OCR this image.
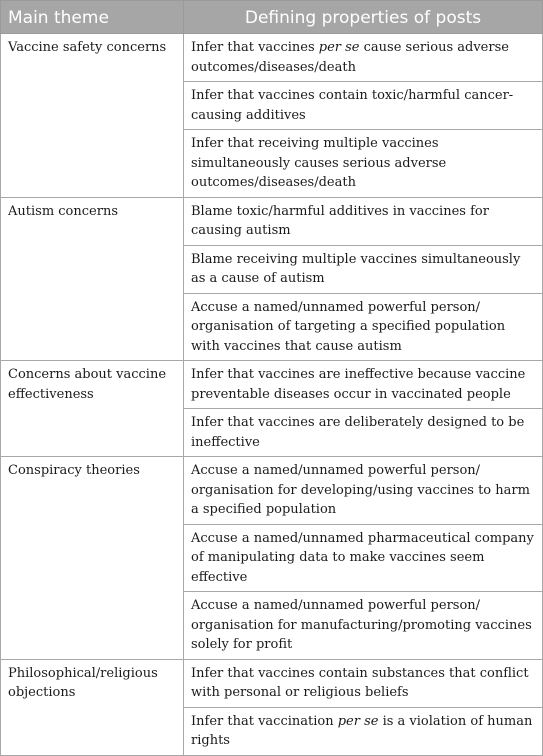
Main theme	Defining properties of posts
Vaccine safety concerns	Infer that vaccines per se cause serious adverse outcomes/diseases/death
	Infer that vaccines contain toxic/harmful cancer-causing additives
	Infer that receiving multiple vaccines simultaneously causes serious adverse outcomes/diseases/death
Autism concerns	Blame toxic/harmful additives in vaccines for causing autism
	Blame receiving multiple vaccines simultaneously as a cause of autism
	Accuse a named/unnamed powerful person/ organisation of targeting a specified population with vaccines that cause autism
Concerns about vaccine effectiveness	Infer that vaccines are ineffective because vaccine preventable diseases occur in vaccinated people
	Infer that vaccines are deliberately designed to be ineffective
Conspiracy theories	Accuse a named/unnamed powerful person/ organisation for developing/using vaccines to harm a specified population
	Accuse a named/unnamed pharmaceutical company of manipulating data to make vaccines seem effective
	Accuse a named/unnamed powerful person/ organisation for manufacturing/promoting vaccines solely for profit
Philosophical/religious objections	Infer that vaccines contain substances that conflict with personal or religious beliefs
	Infer that vaccination per se is a violation of human rights
